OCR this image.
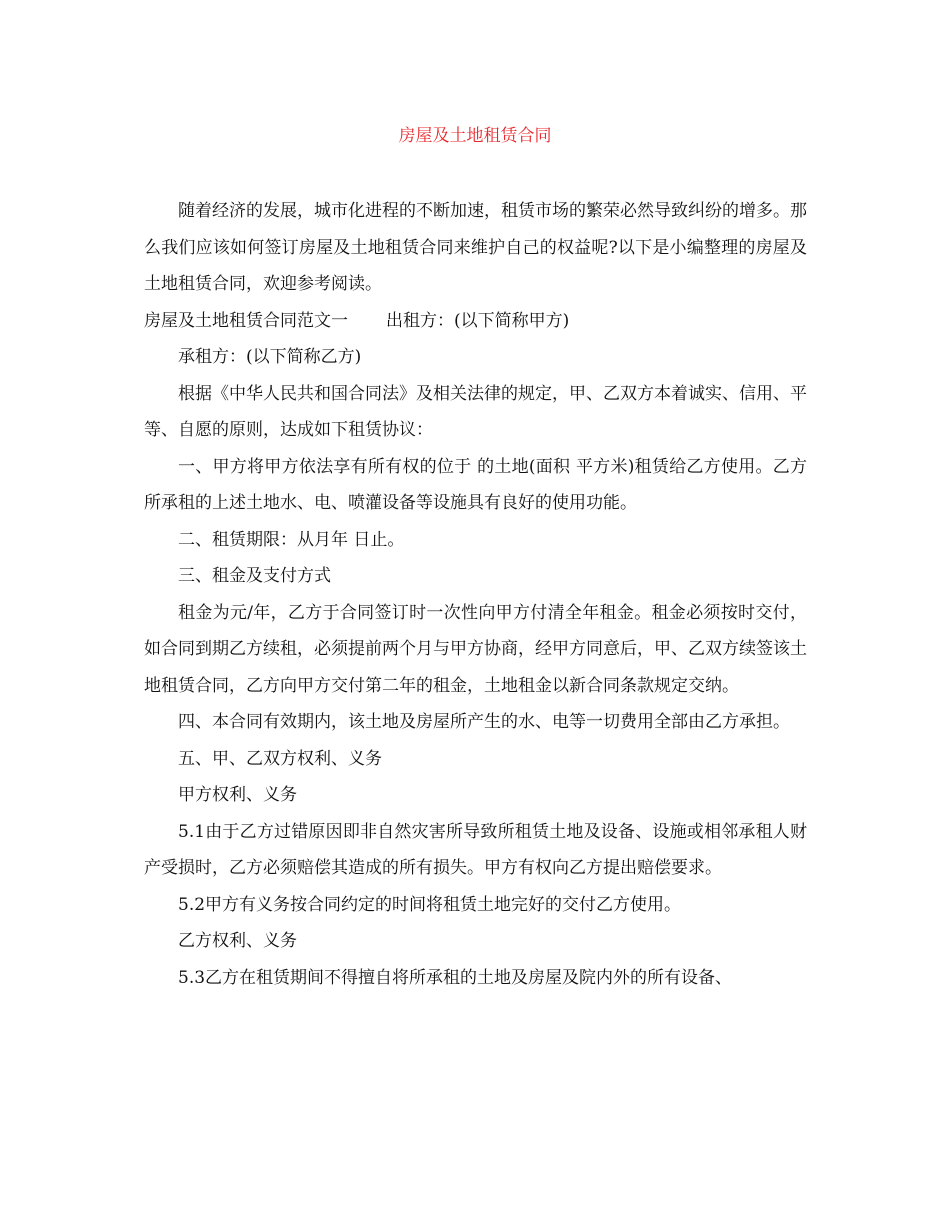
房屋及土地租赁合同

随着经济的发展，城市化进程的不断加速，租赁市场的繁荣必然导致纠纷的增多。那么我们应该如何签订房屋及土地租赁合同来维护自己的权益呢?以下是小编整理的房屋及土地租赁合同，欢迎参考阅读。

房屋及土地租赁合同范文一 出租方：(以下简称甲方)

承租方：(以下简称乙方)

根据《中华人民共和国合同法》及相关法律的规定，甲、乙双方本着诚实、信用、平等、自愿的原则，达成如下租赁协议：

一、甲方将甲方依法享有所有权的位于 的土地(面积 平方米)租赁给乙方使用。乙方所承租的上述土地水、电、喷灌设备等设施具有良好的使用功能。

二、租赁期限：从月年 日止。

三、租金及支付方式

租金为元/年，乙方于合同签订时一次性向甲方付清全年租金。租金必须按时交付，如合同到期乙方续租，必须提前两个月与甲方协商，经甲方同意后，甲、乙双方续签该土地租赁合同，乙方向甲方交付第二年的租金，土地租金以新合同条款规定交纳。

四、本合同有效期内，该土地及房屋所产生的水、电等一切费用全部由乙方承担。

五、甲、乙双方权利、义务

甲方权利、义务

5.1由于乙方过错原因即非自然灾害所导致所租赁土地及设备、设施或相邻承租人财产受损时，乙方必须赔偿其造成的所有损失。甲方有权向乙方提出赔偿要求。

5.2甲方有义务按合同约定的时间将租赁土地完好的交付乙方使用。

乙方权利、义务

5.3乙方在租赁期间不得擅自将所承租的土地及房屋及院内外的所有设备、
